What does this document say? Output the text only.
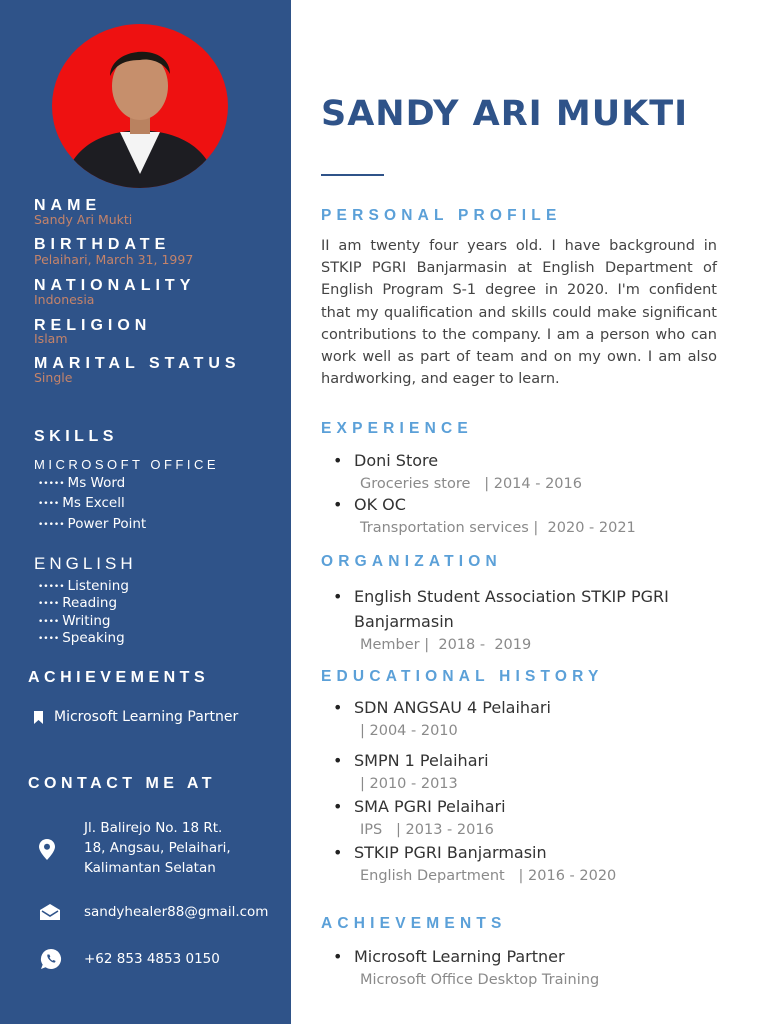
NAME
Sandy Ari Mukti
BIRTHDATE
Pelaihari, March 31, 1997
NATIONALITY
Indonesia
RELIGION
Islam
MARITAL STATUS
Single
SKILLS
MICROSOFT OFFICE
••••• Ms Word
•••• Ms Excell
••••• Power Point
ENGLISH
••••• Listening
•••• Reading
•••• Writing
•••• Speaking
ACHIEVEMENTS
Microsoft Learning Partner
CONTACT ME AT
Jl. Balirejo No. 18 Rt.
18, Angsau, Pelaihari,
Kalimantan Selatan
sandyhealer88@gmail.com
+62 853 4853 0150
SANDY ARI MUKTI
PERSONAL PROFILE
II am twenty four years old. I have background in STKIP PGRI Banjarmasin at English Department of English Program S-1 degree in 2020. I'm confident that my qualification and skills could make significant contributions to the company. I am a person who can work well as part of team and on my own. I am also hardworking, and eager to learn.
EXPERIENCE
• Doni Store
Groceries store   | 2014 - 2016
• OK OC
Transportation services |  2020 - 2021
ORGANIZATION
• English Student Association STKIP PGRI Banjarmasin
Member |  2018 -  2019
EDUCATIONAL HISTORY
• SDN ANGSAU 4 Pelaihari
| 2004 - 2010
• SMPN 1 Pelaihari
| 2010 - 2013
• SMA PGRI Pelaihari
IPS   | 2013 - 2016
• STKIP PGRI Banjarmasin
English Department   | 2016 - 2020
ACHIEVEMENTS
• Microsoft Learning Partner
Microsoft Office Desktop Training
